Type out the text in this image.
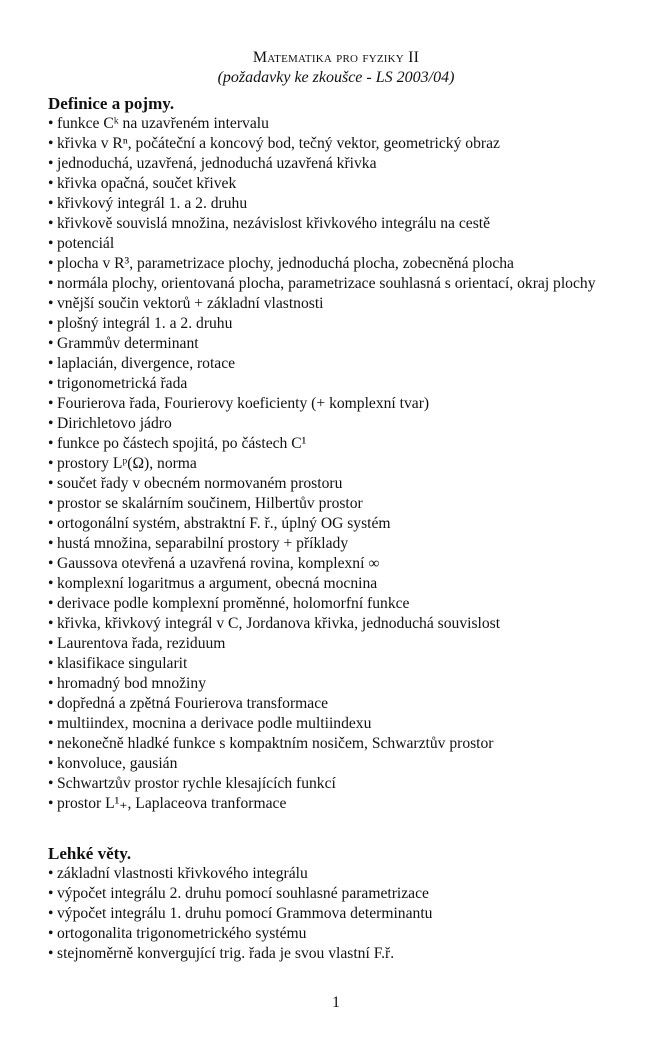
Matematika pro fyziky II
(požadavky ke zkoušce - LS 2003/04)
Definice a pojmy.
• funkce Cᵏ na uzavřeném intervalu
• křivka v Rⁿ, počáteční a koncový bod, tečný vektor, geometrický obraz
• jednoduchá, uzavřená, jednoduchá uzavřená křivka
• křivka opačná, součet křivek
• křivkový integrál 1. a 2. druhu
• křivkově souvislá množina, nezávislost křivkového integrálu na cestě
• potenciál
• plocha v R³, parametrizace plochy, jednoduchá plocha, zobecněná plocha
• normála plochy, orientovaná plocha, parametrizace souhlasná s orientací, okraj plochy
• vnější součin vektorů + základní vlastnosti
• plošný integrál 1. a 2. druhu
• Grammův determinant
• laplacián, divergence, rotace
• trigonometrická řada
• Fourierova řada, Fourierovy koeficienty (+ komplexní tvar)
• Dirichletovo jádro
• funkce po částech spojitá, po částech C¹
• prostory Lᵖ(Ω), norma
• součet řady v obecném normovaném prostoru
• prostor se skalárním součinem, Hilbertův prostor
• ortogonální systém, abstraktní F. ř., úplný OG systém
• hustá množina, separabilní prostory + příklady
• Gaussova otevřená a uzavřená rovina, komplexní ∞
• komplexní logaritmus a argument, obecná mocnina
• derivace podle komplexní proměnné, holomorfní funkce
• křivka, křivkový integrál v C, Jordanova křivka, jednoduchá souvislost
• Laurentova řada, reziduum
• klasifikace singularit
• hromadný bod množiny
• dopředná a zpětná Fourierova transformace
• multiindex, mocnina a derivace podle multiindexu
• nekonečně hladké funkce s kompaktním nosičem, Schwarztův prostor
• konvoluce, gausián
• Schwartzův prostor rychle klesajících funkcí
• prostor L¹₊, Laplaceova tranformace
Lehké věty.
• základní vlastnosti křivkového integrálu
• výpočet integrálu 2. druhu pomocí souhlasné parametrizace
• výpočet integrálu 1. druhu pomocí Grammova determinantu
• ortogonalita trigonometrického systému
• stejnoměrně konvergující trig. řada je svou vlastní F.ř.
1
